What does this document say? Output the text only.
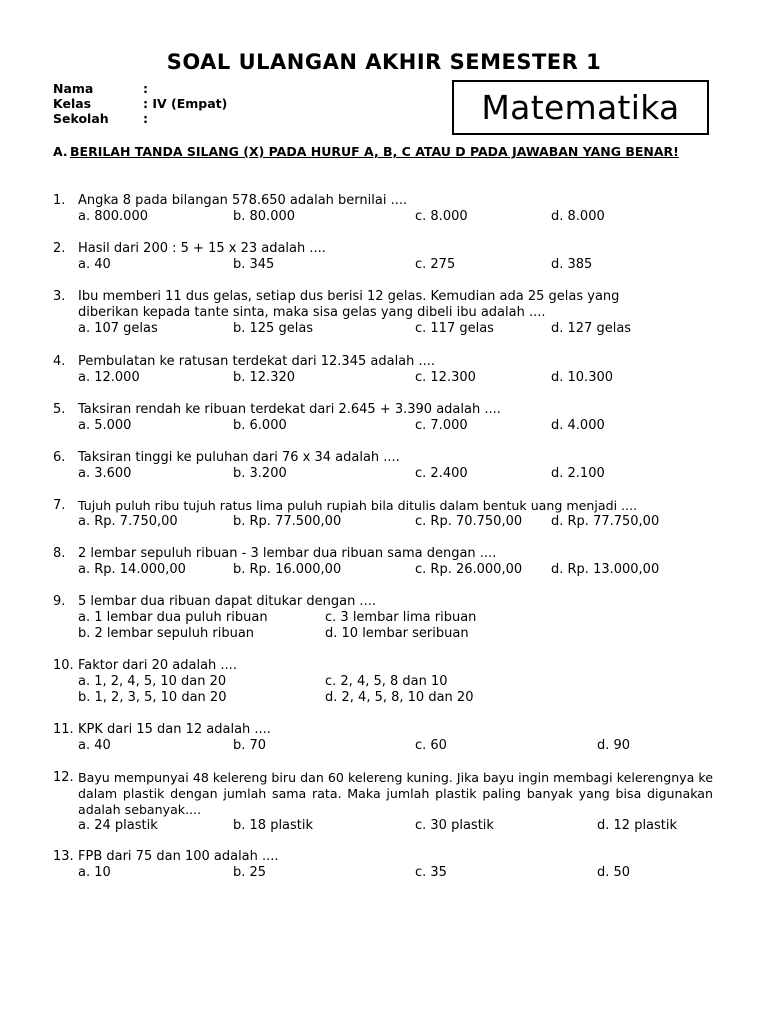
SOAL ULANGAN AKHIR SEMESTER 1
Nama	:
Kelas	: IV (Empat)
Sekolah	:	Matematika
A. BERILAH TANDA SILANG (X) PADA HURUF A, B, C ATAU D PADA JAWABAN YANG BENAR!
1. Angka 8 pada bilangan 578.650 adalah bernilai ....
a. 800.000	b. 80.000	c. 8.000	d. 8.000
2. Hasil dari 200 : 5 + 15 x 23 adalah ....
a. 40	b. 345	c. 275	d. 385
3. Ibu memberi 11 dus gelas, setiap dus berisi 12 gelas. Kemudian ada 25 gelas yang diberikan kepada tante sinta, maka sisa gelas yang dibeli ibu adalah ....
a. 107 gelas	b. 125 gelas	c. 117 gelas	d. 127 gelas
4. Pembulatan ke ratusan terdekat dari 12.345 adalah ....
a. 12.000	b. 12.320	c. 12.300	d. 10.300
5. Taksiran rendah ke ribuan terdekat dari 2.645 + 3.390 adalah ....
a. 5.000	b. 6.000	c. 7.000	d. 4.000
6. Taksiran tinggi ke puluhan dari 76 x 34 adalah ....
a. 3.600	b. 3.200	c. 2.400	d. 2.100
7. Tujuh puluh ribu tujuh ratus lima puluh rupiah bila ditulis dalam bentuk uang menjadi ....
a. Rp. 7.750,00	b. Rp. 77.500,00	c. Rp. 70.750,00 d. Rp. 77.750,00
8. 2 lembar sepuluh ribuan - 3 lembar dua ribuan sama dengan ....
a. Rp. 14.000,00	b. Rp. 16.000,00	c. Rp. 26.000,00 d. Rp. 13.000,00
9. 5 lembar dua ribuan dapat ditukar dengan ....
a. 1 lembar dua puluh ribuan	c. 3 lembar lima ribuan
b. 2 lembar sepuluh ribuan	d. 10 lembar seribuan
10. Faktor dari 20 adalah ....
a. 1, 2, 4, 5, 10 dan 20	c. 2, 4, 5, 8 dan 10
b. 1, 2, 3, 5, 10 dan 20	d. 2, 4, 5, 8, 10 dan 20
11. KPK dari 15 dan 12 adalah ....
a. 40	b. 70	c. 60	d. 90
12. Bayu mempunyai 48 kelereng biru dan 60 kelereng kuning. Jika bayu ingin membagi kelerengnya ke dalam plastik dengan jumlah sama rata. Maka jumlah plastik paling banyak yang bisa digunakan adalah sebanyak....
a. 24 plastik	b. 18 plastik	c. 30 plastik	d. 12 plastik
13. FPB dari 75 dan 100 adalah ....
a. 10	b. 25	c. 35	d. 50
